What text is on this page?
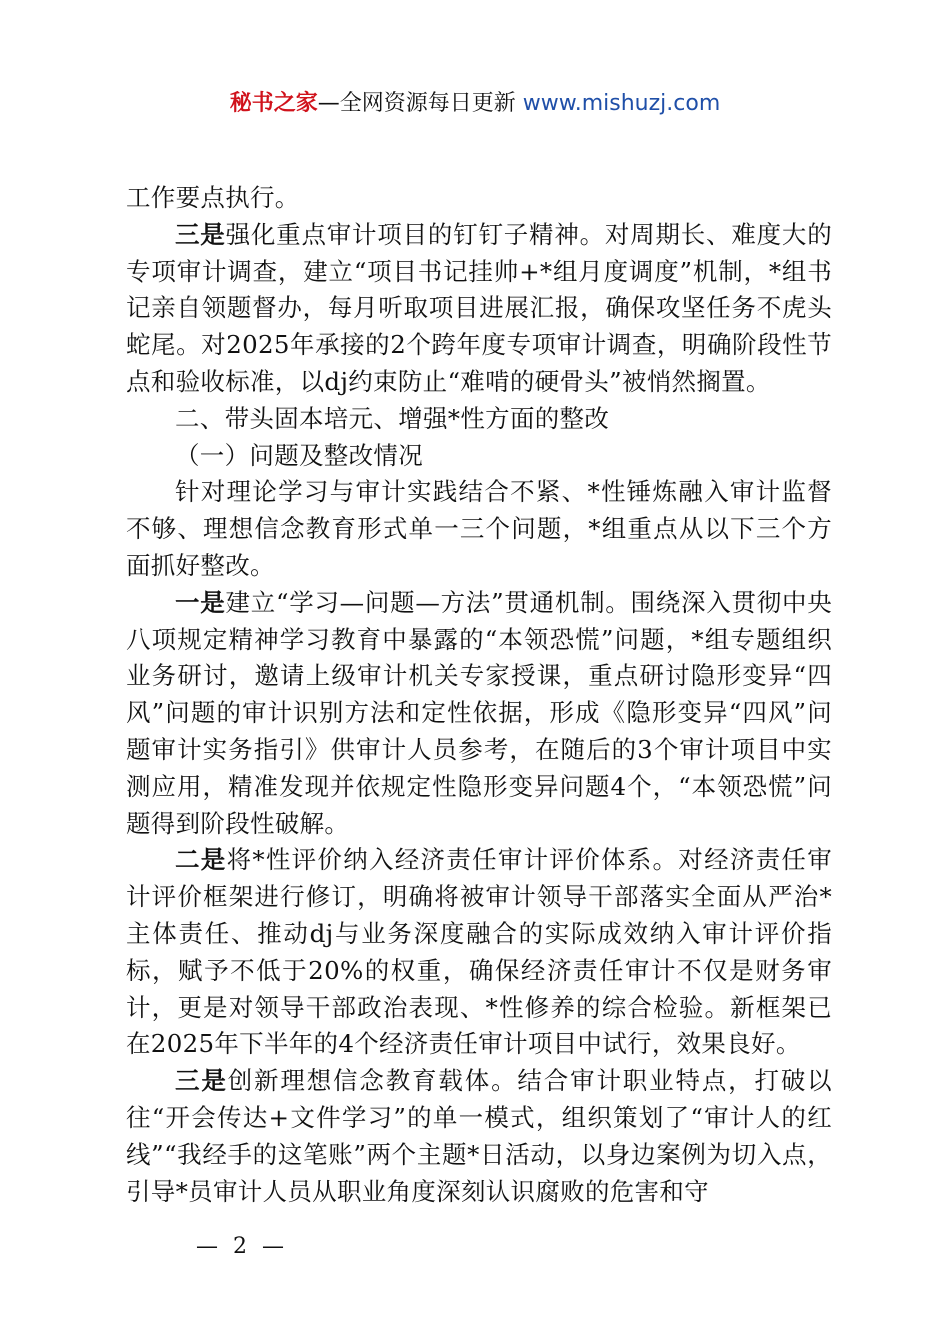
秘书之家—全网资源每日更新 www.mishuzj.com

工作要点执行。

三是强化重点审计项目的钉钉子精神。对周期长、难度大的专项审计调查，建立“项目书记挂帅+*组月度调度”机制，*组书记亲自领题督办，每月听取项目进展汇报，确保攻坚任务不虎头蛇尾。对2025年承接的2个跨年度专项审计调查，明确阶段性节点和验收标准，以dj约束防止“难啃的硬骨头”被悄然搁置。

二、带头固本培元、增强*性方面的整改

（一）问题及整改情况

针对理论学习与审计实践结合不紧、*性锤炼融入审计监督不够、理想信念教育形式单一三个问题，*组重点从以下三个方面抓好整改。

一是建立“学习—问题—方法”贯通机制。围绕深入贯彻中央八项规定精神学习教育中暴露的“本领恐慌”问题，*组专题组织业务研讨，邀请上级审计机关专家授课，重点研讨隐形变异“四风”问题的审计识别方法和定性依据，形成《隐形变异“四风”问题审计实务指引》供审计人员参考，在随后的3个审计项目中实测应用，精准发现并依规定性隐形变异问题4个，“本领恐慌”问题得到阶段性破解。

二是将*性评价纳入经济责任审计评价体系。对经济责任审计评价框架进行修订，明确将被审计领导干部落实全面从严治*主体责任、推动dj与业务深度融合的实际成效纳入审计评价指标，赋予不低于20%的权重，确保经济责任审计不仅是财务审计，更是对领导干部政治表现、*性修养的综合检验。新框架已在2025年下半年的4个经济责任审计项目中试行，效果良好。

三是创新理想信念教育载体。结合审计职业特点，打破以往“开会传达+文件学习”的单一模式，组织策划了“审计人的红线”“我经手的这笔账”两个主题*日活动，以身边案例为切入点，引导*员审计人员从职业角度深刻认识腐败的危害和守

— 2 —
